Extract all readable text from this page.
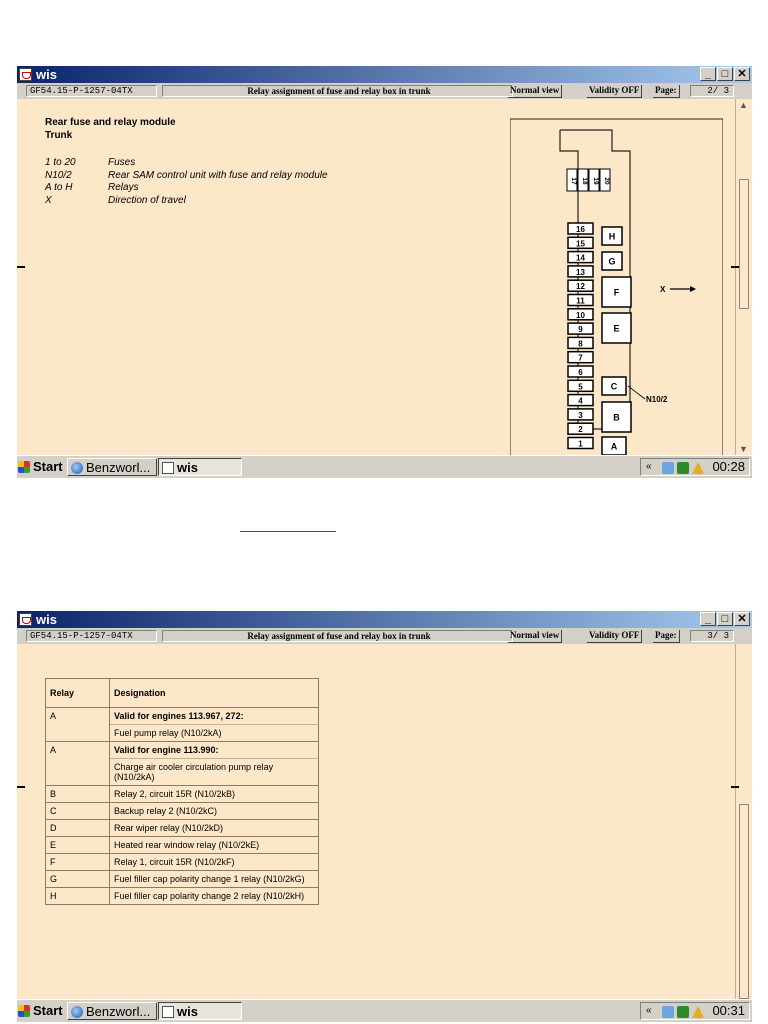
wis	_ □ ✕
GF54.15-P-1257-04TX	Relay assignment of fuse and relay box in trunk	Normal view	Validity OFF	Page:	2/ 3
Rear fuse and relay module
Trunk
1 to 20	Fuses
N10/2	Rear SAM control unit with fuse and relay module
A to H	Relays
X	Direction of travel
17 18 19 20
16
15
14
13
12
11
10
9
8
7
6
5
4
3
2
1
H
G
F
E
C
B
A
X
N10/2
▲
▼
Start	Benzworl...	wis	«	00:28
wis	_ □ ✕
GF54.15-P-1257-04TX	Relay assignment of fuse and relay box in trunk	Normal view	Validity OFF	Page:	3/ 3
Relay	Designation
A	Valid for engines 113.967, 272:
Fuel pump relay (N10/2kA)

A	Valid for engine 113.990:
Charge air cooler circulation pump relay (N10/2kA)

B	Relay 2, circuit 15R (N10/2kB)
C	Backup relay 2 (N10/2kC)
D	Rear wiper relay (N10/2kD)
E	Heated rear window relay (N10/2kE)
F	Relay 1, circuit 15R (N10/2kF)
G	Fuel filler cap polarity change 1 relay (N10/2kG)
H	Fuel filler cap polarity change 2 relay (N10/2kH)
Start	Benzworl...	wis	«	00:31
